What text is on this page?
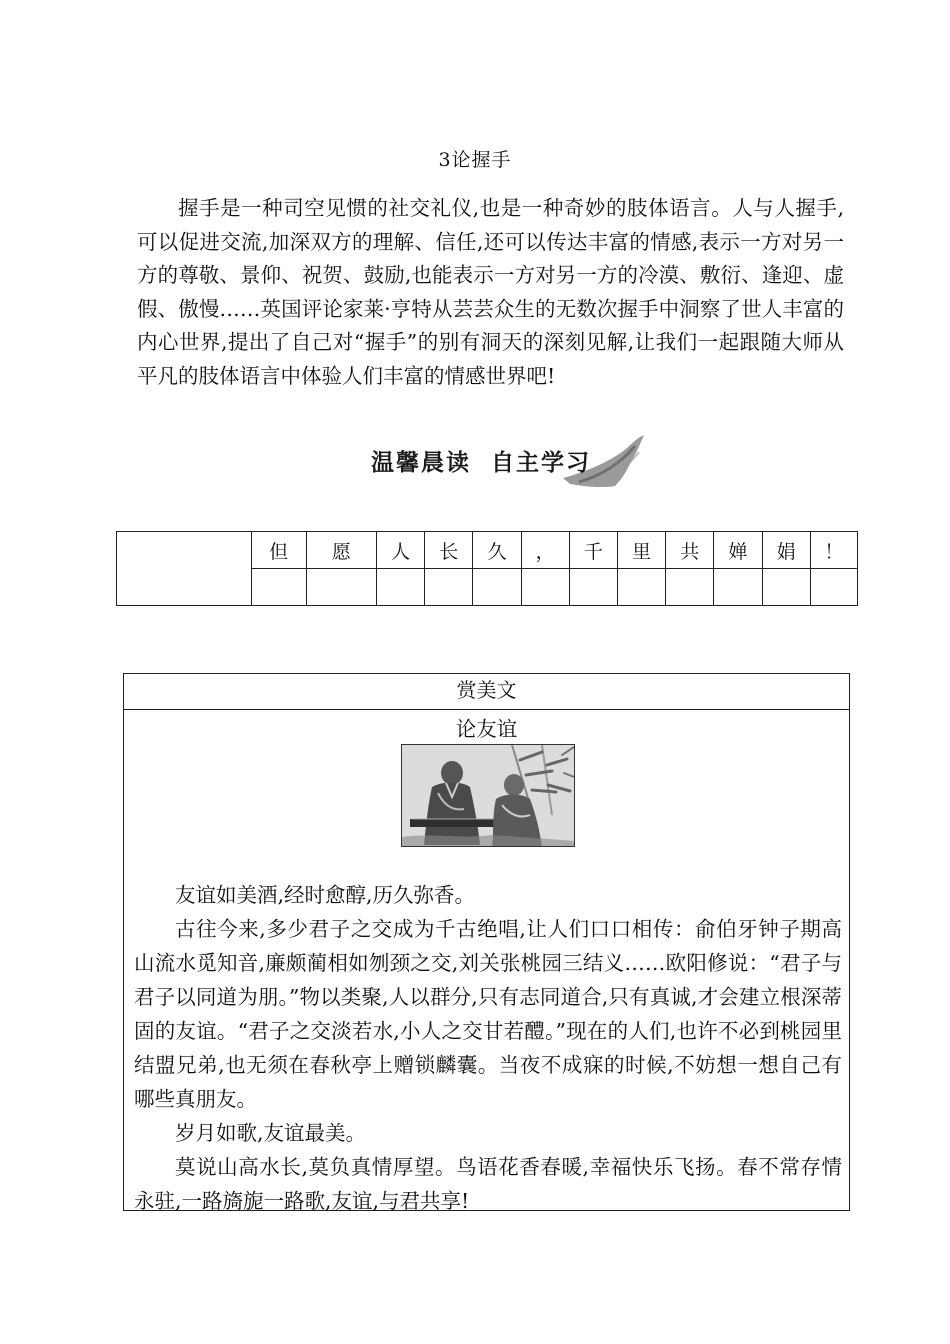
3论握手

握手是一种司空见惯的社交礼仪,也是一种奇妙的肢体语言。人与人握手,可以促进交流,加深双方的理解、信任,还可以传达丰富的情感,表示一方对另一方的尊敬、景仰、祝贺、鼓励,也能表示一方对另一方的冷漠、敷衍、逢迎、虚假、傲慢……英国评论家莱·亨特从芸芸众生的无数次握手中洞察了世人丰富的内心世界,提出了自己对“握手”的别有洞天的深刻见解,让我们一起跟随大师从平凡的肢体语言中体验人们丰富的情感世界吧!

温馨晨读  自主学习
	但	愿	人	长	久	，	千	里	共	婵	娟	！

赏美文
论友谊

友谊如美酒,经时愈醇,历久弥香。

古往今来,多少君子之交成为千古绝唱,让人们口口相传：俞伯牙钟子期高山流水觅知音,廉颇蔺相如刎颈之交,刘关张桃园三结义……欧阳修说：“君子与君子以同道为朋。”物以类聚,人以群分,只有志同道合,只有真诚,才会建立根深蒂固的友谊。“君子之交淡若水,小人之交甘若醴。”现在的人们,也许不必到桃园里结盟兄弟,也无须在春秋亭上赠锁麟囊。当夜不成寐的时候,不妨想一想自己有哪些真朋友。

岁月如歌,友谊最美。

莫说山高水长,莫负真情厚望。鸟语花香春暖,幸福快乐飞扬。春不常存情永驻,一路旖旎一路歌,友谊,与君共享!
